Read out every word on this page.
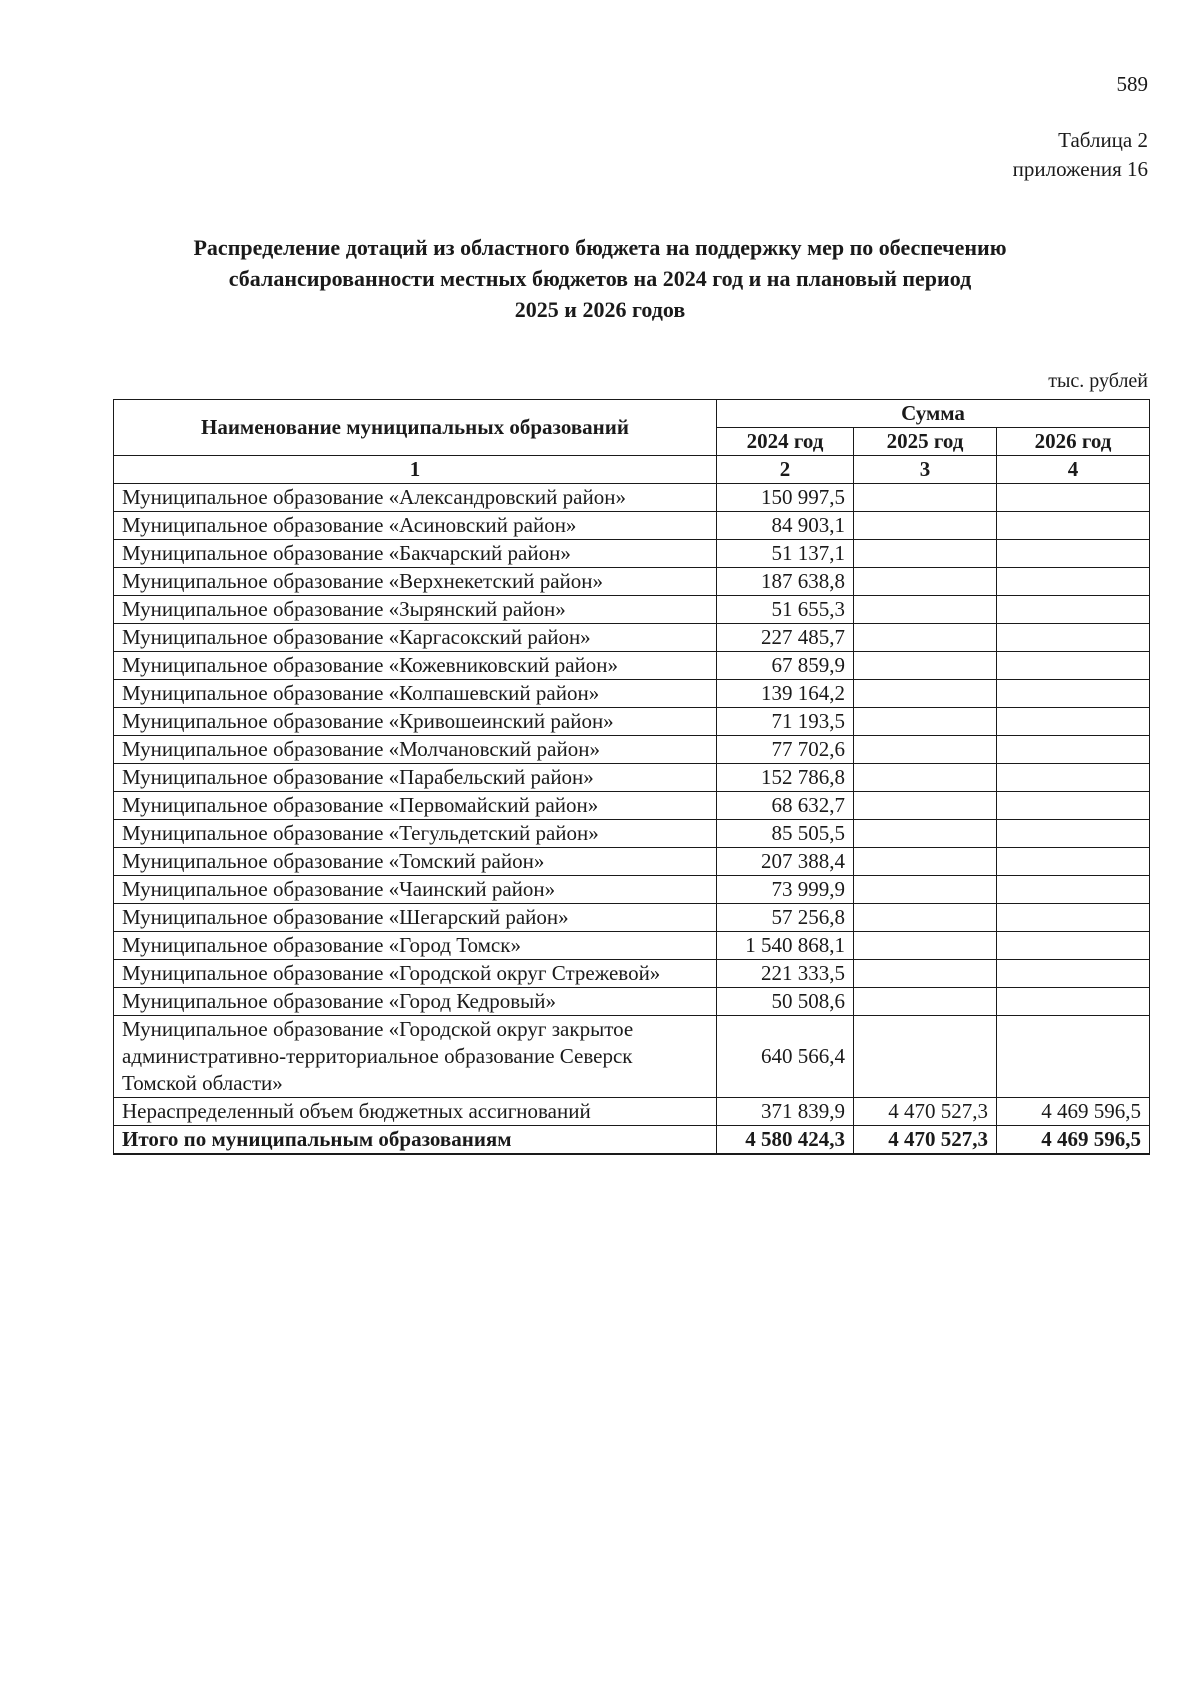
589
Таблица 2
приложения 16
Распределение дотаций из областного бюджета на поддержку мер по обеспечению
сбалансированности местных бюджетов на 2024 год и на плановый период
2025 и 2026 годов
тыс. рублей
Наименование муниципальных образований	Сумма		
	2024 год	2025 год	2026 год
1	2	3	4
Муниципальное образование «Александровский район»	150 997,5		
Муниципальное образование «Асиновский район»	84 903,1		
Муниципальное образование «Бакчарский район»	51 137,1		
Муниципальное образование «Верхнекетский район»	187 638,8		
Муниципальное образование «Зырянский район»	51 655,3		
Муниципальное образование «Каргасокский район»	227 485,7		
Муниципальное образование «Кожевниковский район»	67 859,9		
Муниципальное образование «Колпашевский район»	139 164,2		
Муниципальное образование «Кривошеинский район»	71 193,5		
Муниципальное образование «Молчановский район»	77 702,6		
Муниципальное образование «Парабельский район»	152 786,8		
Муниципальное образование «Первомайский район»	68 632,7		
Муниципальное образование «Тегульдетский район»	85 505,5		
Муниципальное образование «Томский район»	207 388,4		
Муниципальное образование «Чаинский район»	73 999,9		
Муниципальное образование «Шегарский район»	57 256,8		
Муниципальное образование «Город Томск»	1 540 868,1		
Муниципальное образование «Городской округ Стрежевой»	221 333,5		
Муниципальное образование «Город Кедровый»	50 508,6		
Муниципальное образование «Городской округ закрытое административно-территориальное образование Северск Томской области»	640 566,4		
Нераспределенный объем бюджетных ассигнований	371 839,9	4 470 527,3	4 469 596,5
Итого по муниципальным образованиям	4 580 424,3	4 470 527,3	4 469 596,5
